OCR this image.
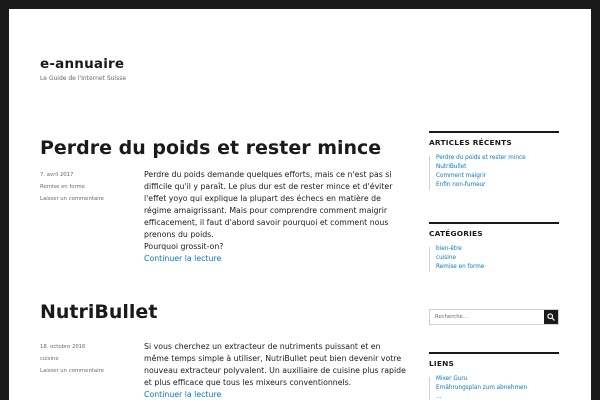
e-annuaire
Le Guide de l'Internet Suisse
Perdre du poids et rester mince
7. avril 2017
Remise en forme
Laisser un commentaire
Perdre du poids demande quelques efforts, mais ce n'est pas si difficile qu'il y paraît. Le plus dur est de rester mince et d'éviter l'effet yoyo qui explique la plupart des échecs en matière de régime amaigrissant. Mais pour comprendre comment maigrir efficacement, il faut d'abord savoir pourquoi et comment nous prenons du poids.
Pourquoi grossit-on?
Continuer la lecture
NutriBullet
18. octobre 2016
cuisine
Laisser un commentaire
Si vous cherchez un extracteur de nutriments puissant et en même temps simple à utiliser, NutriBullet peut bien devenir votre nouveau extracteur polyvalent. Un auxiliaire de cuisine plus rapide et plus efficace que tous les mixeurs conventionnels.
Continuer la lecture
ARTICLES RÉCENTS
Perdre du poids et rester mince
NutriBullet
Comment maigrir
Enfin non-fumeur
CATÉGORIES
bien-être
cuisine
Remise en forme
Recherche…
LIENS
Mixer Guru
Ernährungsplan zum abnehmen
…
